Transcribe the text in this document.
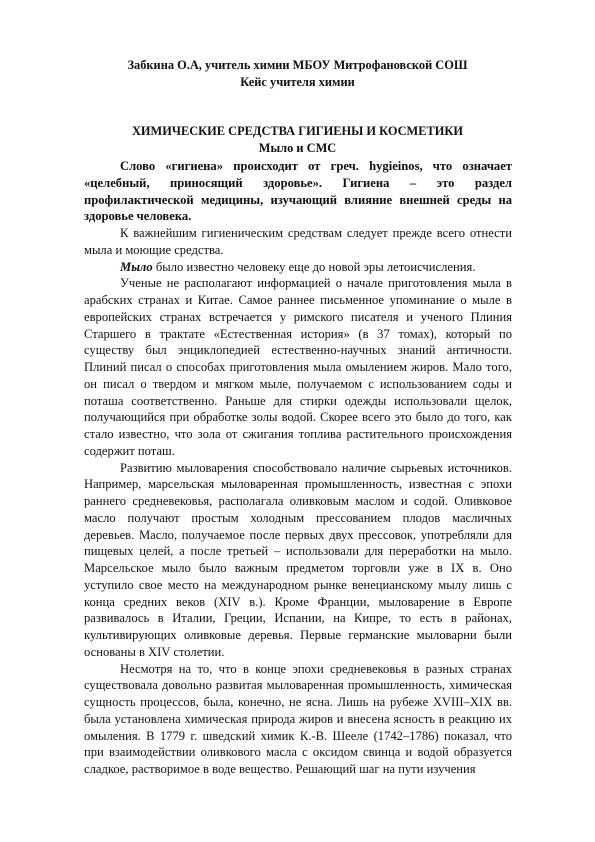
Забкина О.А, учитель химии МБОУ Митрофановской СОШ
Кейс учителя химии
ХИМИЧЕСКИЕ СРЕДСТВА ГИГИЕНЫ И КОСМЕТИКИ
Мыло и СМС

Слово «гигиена» происходит от греч. hygieinos, что означает «целебный, приносящий здоровье». Гигиена – это раздел профилактической медицины, изучающий влияние внешней среды на здоровье человека.

К важнейшим гигиеническим средствам следует прежде всего отнести мыла и моющие средства.

Мыло было известно человеку еще до новой эры летоисчисления.

Ученые не располагают информацией о начале приготовления мыла в арабских странах и Китае. Самое раннее письменное упоминание о мыле в европейских странах встречается у римского писателя и ученого Плиния Старшего в трактате «Естественная история» (в 37 томах), который по существу был энциклопедией естественно-научных знаний античности. Плиний писал о способах приготовления мыла омылением жиров. Мало того, он писал о твердом и мягком мыле, получаемом с использованием соды и поташа соответственно. Раньше для стирки одежды использовали щелок, получающийся при обработке золы водой. Скорее всего это было до того, как стало известно, что зола от сжигания топлива растительного происхождения содержит поташ.

Развитию мыловарения способствовало наличие сырьевых источников. Например, марсельская мыловаренная промышленность, известная с эпохи раннего средневековья, располагала оливковым маслом и содой. Оливковое масло получают простым холодным прессованием плодов масличных деревьев. Масло, получаемое после первых двух прессовок, употребляли для пищевых целей, а после третьей – использовали для переработки на мыло. Марсельское мыло было важным предметом торговли уже в IX в. Оно уступило свое место на международном рынке венецианскому мылу лишь с конца средних веков (XIV в.). Кроме Франции, мыловарение в Европе развивалось в Италии, Греции, Испании, на Кипре, то есть в районах, культивирующих оливковые деревья. Первые германские мыловарни были основаны в XIV столетии.

Несмотря на то, что в конце эпохи средневековья в разных странах существовала довольно развитая мыловаренная промышленность, химическая сущность процессов, была, конечно, не ясна. Лишь на рубеже XVIII–XIX вв. была установлена химическая природа жиров и внесена ясность в реакцию их омыления. В 1779 г. шведский химик К.-В. Шееле (1742–1786) показал, что при взаимодействии оливкового масла с оксидом свинца и водой образуется сладкое, растворимое в воде вещество. Решающий шаг на пути изучения
